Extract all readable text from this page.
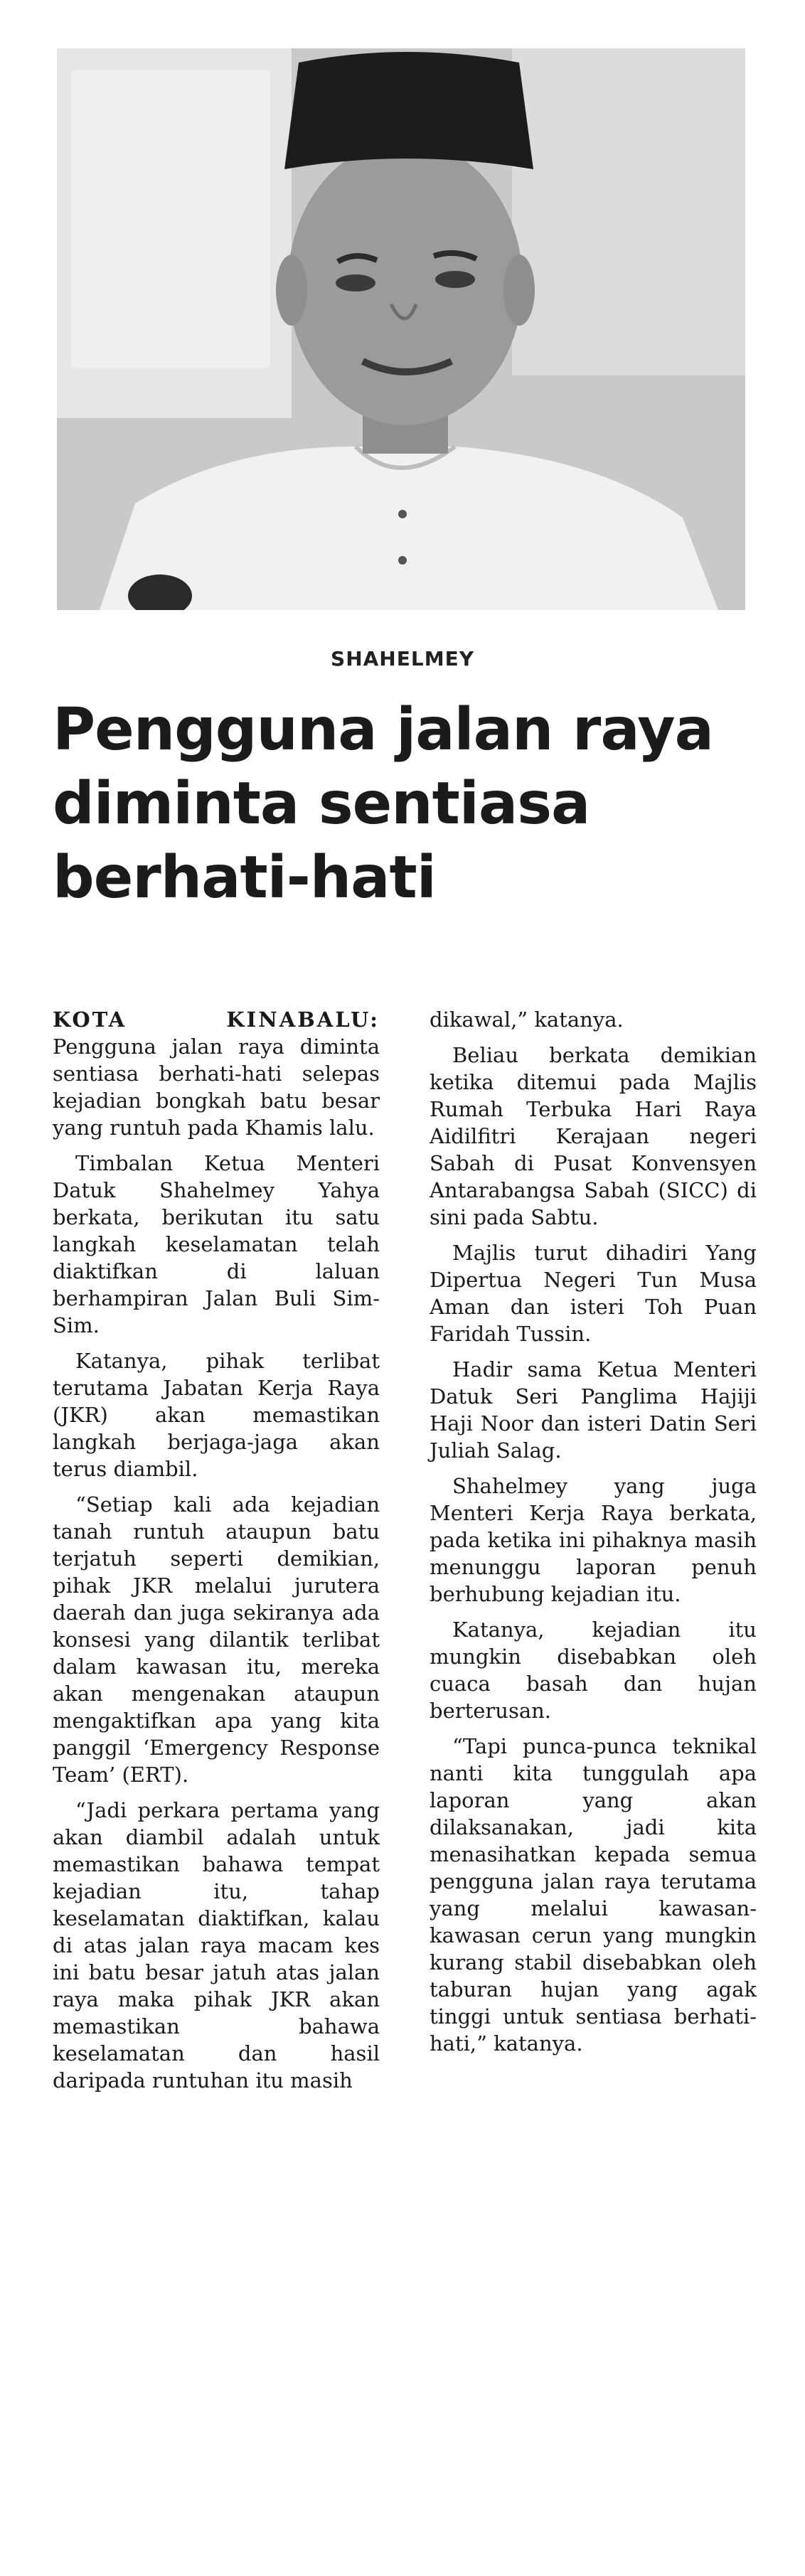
SHAHELMEY
Pengguna jalan raya
diminta sentiasa
berhati-hati

KOTA KINABALU: Pengguna jalan raya diminta sentiasa berhati-hati selepas kejadian bongkah batu besar yang runtuh pada Khamis lalu.

Timbalan Ketua Menteri Datuk Shahelmey Yahya berkata, berikutan itu satu langkah keselamatan telah diaktifkan di laluan berhampiran Jalan Buli Sim-Sim.

Katanya, pihak terlibat terutama Jabatan Kerja Raya (JKR) akan memastikan langkah berjaga-jaga akan terus diambil.

“Setiap kali ada kejadian tanah runtuh ataupun batu terjatuh seperti demikian, pihak JKR melalui jurutera daerah dan juga sekiranya ada konsesi yang dilantik terlibat dalam kawasan itu, mereka akan mengenakan ataupun mengaktifkan apa yang kita panggil ‘Emergency Response Team’ (ERT).

“Jadi perkara pertama yang akan diambil adalah untuk memastikan bahawa tempat kejadian itu, tahap keselamatan diaktifkan, kalau di atas jalan raya macam kes ini batu besar jatuh atas jalan raya maka pihak JKR akan memastikan bahawa keselamatan dan hasil daripada runtuhan itu masih

dikawal,” katanya.

Beliau berkata demikian ketika ditemui pada Majlis Rumah Terbuka Hari Raya Aidilfitri Kerajaan negeri Sabah di Pusat Konvensyen Antarabangsa Sabah (SICC) di sini pada Sabtu.

Majlis turut dihadiri Yang Dipertua Negeri Tun Musa Aman dan isteri Toh Puan Faridah Tussin.

Hadir sama Ketua Menteri Datuk Seri Panglima Hajiji Haji Noor dan isteri Datin Seri Juliah Salag.

Shahelmey yang juga Menteri Kerja Raya berkata, pada ketika ini pihaknya masih menunggu laporan penuh berhubung kejadian itu.

Katanya, kejadian itu mungkin disebabkan oleh cuaca basah dan hujan berterusan.

“Tapi punca-punca teknikal nanti kita tunggulah apa laporan yang akan dilaksanakan, jadi kita menasihatkan kepada semua pengguna jalan raya terutama yang melalui kawasan-kawasan cerun yang mungkin kurang stabil disebabkan oleh taburan hujan yang agak tinggi untuk sentiasa berhati-hati,” katanya.
